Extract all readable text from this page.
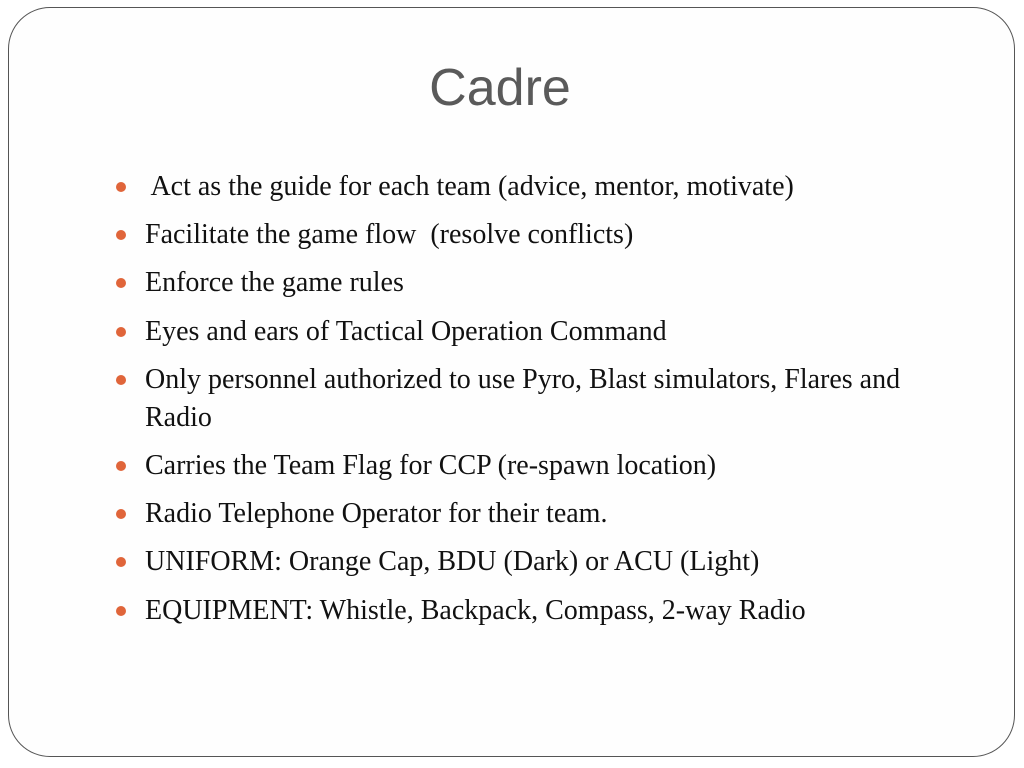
Cadre
Act as the guide for each team (advice, mentor, motivate)
Facilitate the game flow  (resolve conflicts)
Enforce the game rules
Eyes and ears of Tactical Operation Command
Only personnel authorized to use Pyro, Blast simulators, Flares and Radio
Carries the Team Flag for CCP (re-spawn location)
Radio Telephone Operator for their team.
UNIFORM: Orange Cap, BDU (Dark) or ACU (Light)
EQUIPMENT: Whistle, Backpack, Compass, 2-way Radio
